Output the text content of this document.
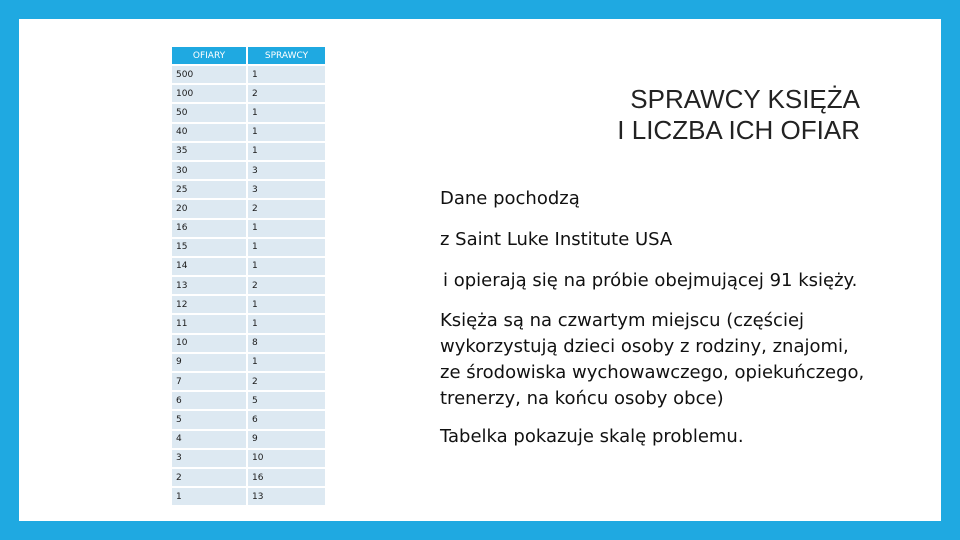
OFIARY	SPRAWCY
500	1
100	2
50	1
40	1
35	1
30	3
25	3
20	2
16	1
15	1
14	1
13	2
12	1
11	1
10	8
9	1
7	2
6	5
5	6
4	9
3	10
2	16
1	13
SPRAWCY KSIĘŻA
I LICZBA ICH OFIAR
Dane pochodzą
z Saint Luke Institute USA
i opierają się na próbie obejmującej 91 księży.
Księża są na czwartym miejscu (częściej
wykorzystują dzieci osoby z rodziny, znajomi,
ze środowiska wychowawczego, opiekuńczego,
trenerzy, na końcu osoby obce)
Tabelka pokazuje skalę problemu.
